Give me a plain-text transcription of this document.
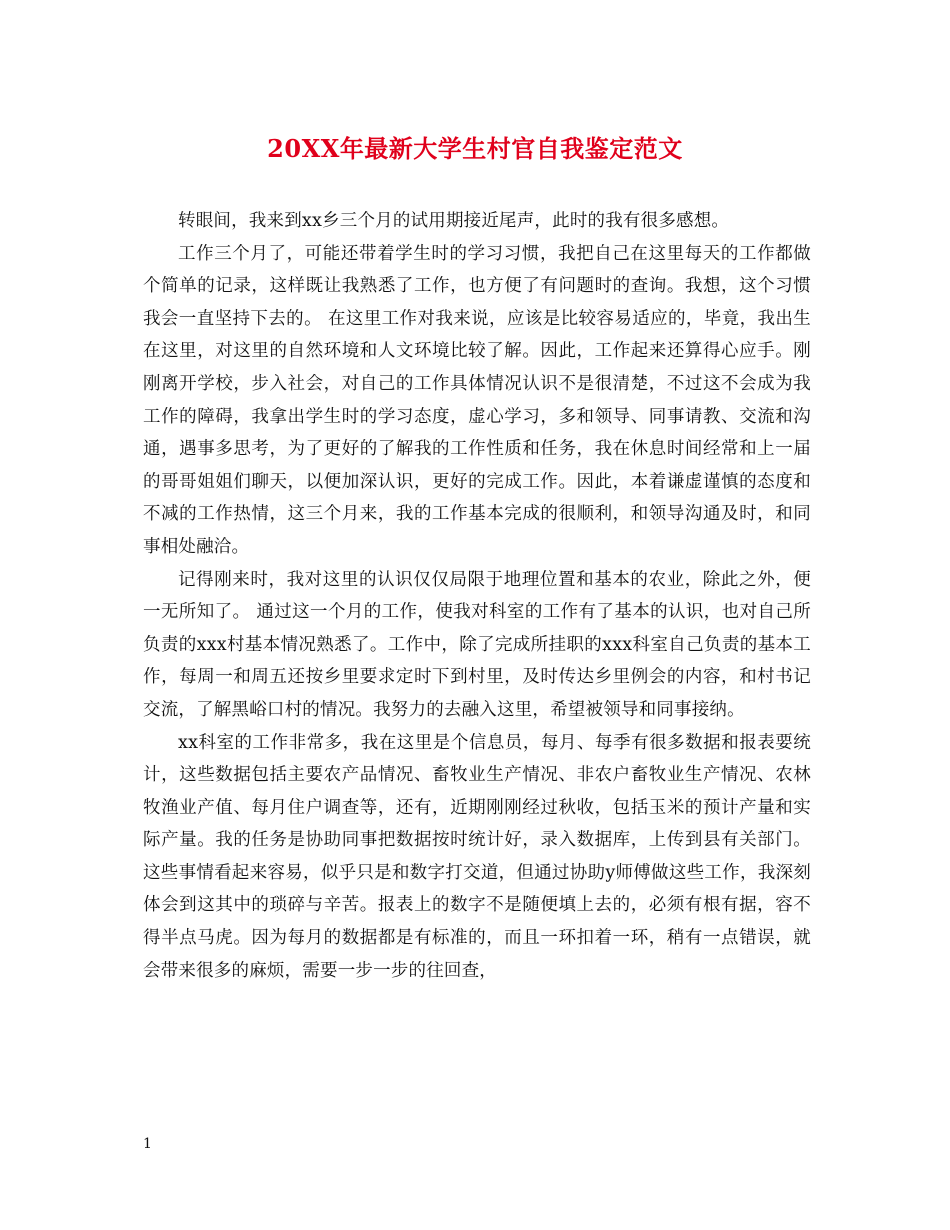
20XX年最新大学生村官自我鉴定范文

转眼间，我来到xx乡三个月的试用期接近尾声，此时的我有很多感想。

工作三个月了，可能还带着学生时的学习习惯，我把自己在这里每天的工作都做个简单的记录，这样既让我熟悉了工作，也方便了有问题时的查询。我想，这个习惯我会一直坚持下去的。 在这里工作对我来说，应该是比较容易适应的，毕竟，我出生在这里，对这里的自然环境和人文环境比较了解。因此，工作起来还算得心应手。刚刚离开学校，步入社会，对自己的工作具体情况认识不是很清楚，不过这不会成为我工作的障碍，我拿出学生时的学习态度，虚心学习，多和领导、同事请教、交流和沟通，遇事多思考，为了更好的了解我的工作性质和任务，我在休息时间经常和上一届的哥哥姐姐们聊天，以便加深认识，更好的完成工作。因此，本着谦虚谨慎的态度和不减的工作热情，这三个月来，我的工作基本完成的很顺利，和领导沟通及时，和同事相处融洽。

记得刚来时，我对这里的认识仅仅局限于地理位置和基本的农业，除此之外，便一无所知了。 通过这一个月的工作，使我对科室的工作有了基本的认识，也对自己所负责的xxx村基本情况熟悉了。工作中，除了完成所挂职的xxx科室自己负责的基本工作，每周一和周五还按乡里要求定时下到村里，及时传达乡里例会的内容，和村书记交流，了解黑峪口村的情况。我努力的去融入这里，希望被领导和同事接纳。

xx科室的工作非常多，我在这里是个信息员，每月、每季有很多数据和报表要统计，这些数据包括主要农产品情况、畜牧业生产情况、非农户畜牧业生产情况、农林牧渔业产值、每月住户调查等，还有，近期刚刚经过秋收，包括玉米的预计产量和实际产量。我的任务是协助同事把数据按时统计好，录入数据库，上传到县有关部门。这些事情看起来容易，似乎只是和数字打交道，但通过协助y师傅做这些工作，我深刻体会到这其中的琐碎与辛苦。报表上的数字不是随便填上去的，必须有根有据，容不得半点马虎。因为每月的数据都是有标准的，而且一环扣着一环，稍有一点错误，就会带来很多的麻烦，需要一步一步的往回查，

1
